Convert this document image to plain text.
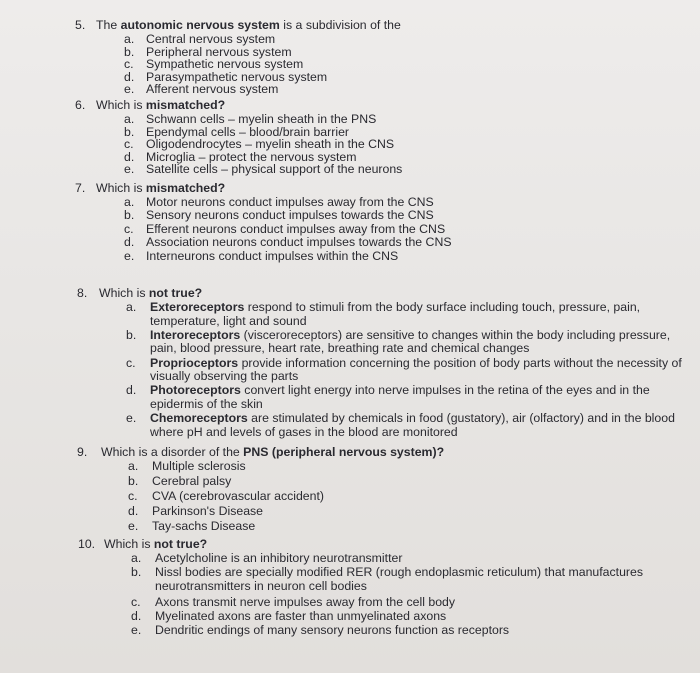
5. The autonomic nervous system is a subdivision of the
a. Central nervous system
b. Peripheral nervous system
c. Sympathetic nervous system
d. Parasympathetic nervous system
e. Afferent nervous system
6. Which is mismatched?
a. Schwann cells – myelin sheath in the PNS
b. Ependymal cells – blood/brain barrier
c. Oligodendrocytes – myelin sheath in the CNS
d. Microglia – protect the nervous system
e. Satellite cells – physical support of the neurons
7. Which is mismatched?
a. Motor neurons conduct impulses away from the CNS
b. Sensory neurons conduct impulses towards the CNS
c. Efferent neurons conduct impulses away from the CNS
d. Association neurons conduct impulses towards the CNS
e. Interneurons conduct impulses within the CNS
8. Which is not true?
a. Exteroreceptors respond to stimuli from the body surface including touch, pressure, pain, temperature, light and sound
b. Interoreceptors (visceroreceptors) are sensitive to changes within the body including pressure, pain, blood pressure, heart rate, breathing rate and chemical changes
c. Proprioceptors provide information concerning the position of body parts without the necessity of visually observing the parts
d. Photoreceptors convert light energy into nerve impulses in the retina of the eyes and in the epidermis of the skin
e. Chemoreceptors are stimulated by chemicals in food (gustatory), air (olfactory) and in the blood where pH and levels of gases in the blood are monitored
9. Which is a disorder of the PNS (peripheral nervous system)?
a. Multiple sclerosis
b. Cerebral palsy
c. CVA (cerebrovascular accident)
d. Parkinson's Disease
e. Tay-sachs Disease
10. Which is not true?
a. Acetylcholine is an inhibitory neurotransmitter
b. Nissl bodies are specially modified RER (rough endoplasmic reticulum) that manufactures neurotransmitters in neuron cell bodies
c. Axons transmit nerve impulses away from the cell body
d. Myelinated axons are faster than unmyelinated axons
e. Dendritic endings of many sensory neurons function as receptors
